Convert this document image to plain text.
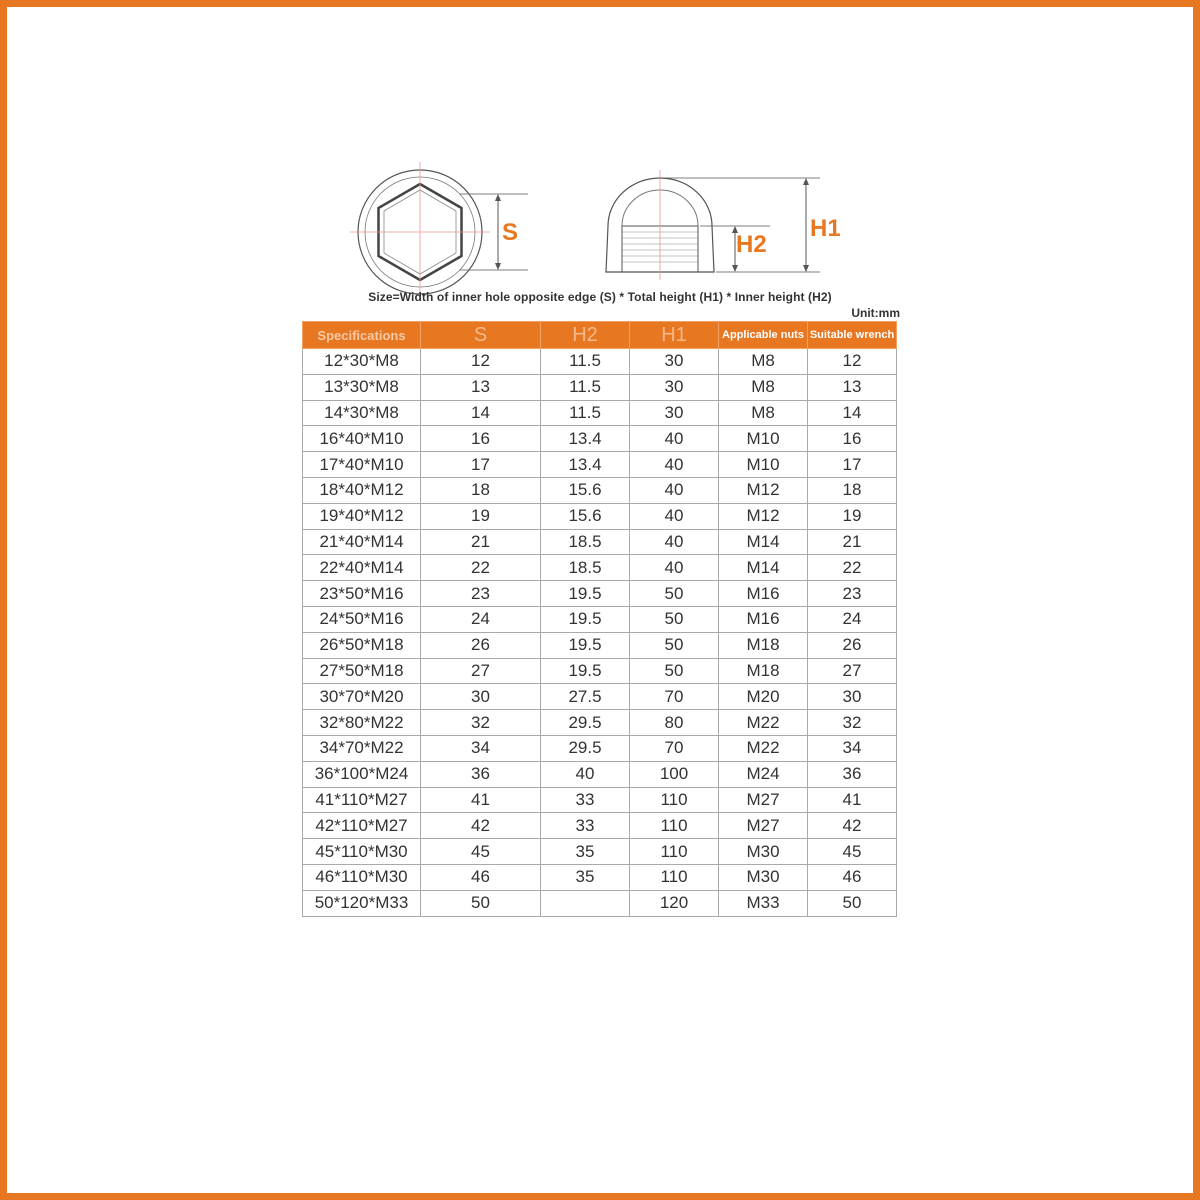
S	H2
H1
Size=Width of inner hole opposite edge (S) * Total height (H1) * Inner height (H2)
Unit:mm
Specifications	S	H2	H1	Applicable nuts	Suitable wrench
12*30*M8	12	11.5	30	M8	12
13*30*M8	13	11.5	30	M8	13
14*30*M8	14	11.5	30	M8	14
16*40*M10	16	13.4	40	M10	16
17*40*M10	17	13.4	40	M10	17
18*40*M12	18	15.6	40	M12	18
19*40*M12	19	15.6	40	M12	19
21*40*M14	21	18.5	40	M14	21
22*40*M14	22	18.5	40	M14	22
23*50*M16	23	19.5	50	M16	23
24*50*M16	24	19.5	50	M16	24
26*50*M18	26	19.5	50	M18	26
27*50*M18	27	19.5	50	M18	27
30*70*M20	30	27.5	70	M20	30
32*80*M22	32	29.5	80	M22	32
34*70*M22	34	29.5	70	M22	34
36*100*M24	36	40	100	M24	36
41*110*M27	41	33	110	M27	41
42*110*M27	42	33	110	M27	42
45*110*M30	45	35	110	M30	45
46*110*M30	46	35	110	M30	46
50*120*M33	50		120	M33	50
